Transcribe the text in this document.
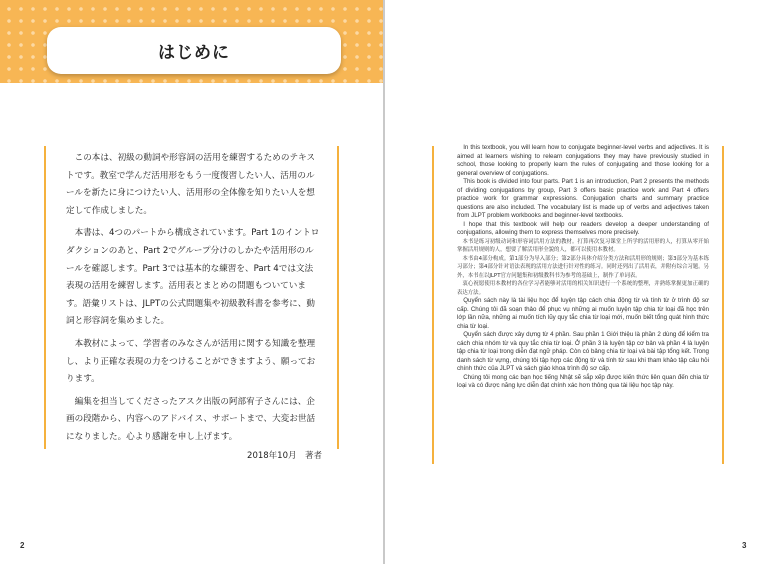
はじめに

この本は、初級の動詞や形容詞の活用を練習するためのテキストです。教室で学んだ活用形をもう一度復習したい人、活用のルールを新たに身につけたい人、活用形の全体像を知りたい人を想定して作成しました。

本書は、4つのパートから構成されています。Part 1のイントロダクションのあと、Part 2でグループ分けのしかたや活用形のルールを確認します。Part 3では基本的な練習を、Part 4では文法表現の活用を練習します。活用表とまとめの問題もついています。語彙リストは、JLPTの公式問題集や初級教科書を参考に、動詞と形容詞を集めました。

本教材によって、学習者のみなさんが活用に関する知識を整理し、より正確な表現の力をつけることができますよう、願っております。

編集を担当してくださったアスク出版の阿部宥子さんには、企画の段階から、内容へのアドバイス、サポートまで、大変お世話になりました。心より感謝を申し上げます。

2018年10月　著者
2

In this textbook, you will learn how to conjugate beginner-level verbs and adjectives. It is aimed at learners wishing to relearn conjugations they may have previously studied in school, those looking to properly learn the rules of conjugating and those looking for a general overview of conjugations.

This book is divided into four parts. Part 1 is an introduction, Part 2 presents the methods of dividing conjugations by group, Part 3 offers basic practice work and Part 4 offers practice work for grammar expressions. Conjugation charts and summary practice questions are also included. The vocabulary list is made up of verbs and adjectives taken from JLPT problem workbooks and beginner-level textbooks.

I hope that this textbook will help our readers develop a deeper understanding of conjugations, allowing them to express themselves more precisely.

本书是练习初级动词和形容词活用方法的教材。打算再次复习课堂上所学的活用形的人，打算从零开始掌握活用规则的人，想要了解活用形全貌的人，都可以使用本教材。

本书由4部分构成。第1部分为导入部分；第2部分具体介绍分类方法和活用形的规则；第3部分为基本练习部分；第4部分针对语法表现的活用方法进行针对性的练习。同时还列出了活用表，并附有综合习题。另外，本书在以JLPT官方问题集和初级教科书为参考的基础上，制作了单词表。

衷心祝愿使用本教材的各位学习者能够对活用的相关知识进行一个系统的整理，并熟练掌握更加正确的表达方法。

Quyển sách này là tài liệu học để luyện tập cách chia động từ và tính từ ở trình độ sơ cấp. Chúng tôi đã soạn thảo để phục vụ những ai muốn luyện tập chia từ loại đã học trên lớp lần nữa, những ai muốn tích lũy quy tắc chia từ loại mới, muốn biết tổng quát hình thức chia từ loại.

Quyển sách được xây dựng từ 4 phần. Sau phần 1 Giới thiệu là phần 2 dùng để kiểm tra cách chia nhóm từ và quy tắc chia từ loại. Ở phần 3 là luyện tập cơ bản và phần 4 là luyện tập chia từ loại trong diễn đạt ngữ pháp. Còn có bảng chia từ loại và bài tập tổng kết. Trong danh sách từ vựng, chúng tôi tập hợp các động từ và tính từ sau khi tham khảo tập câu hỏi chính thức của JLPT và sách giáo khoa trình độ sơ cấp.

Chúng tôi mong các bạn học tiếng Nhật sẽ sắp xếp được kiến thức liên quan đến chia từ loại và có được năng lực diễn đạt chính xác hơn thông qua tài liệu học tập này.

3
